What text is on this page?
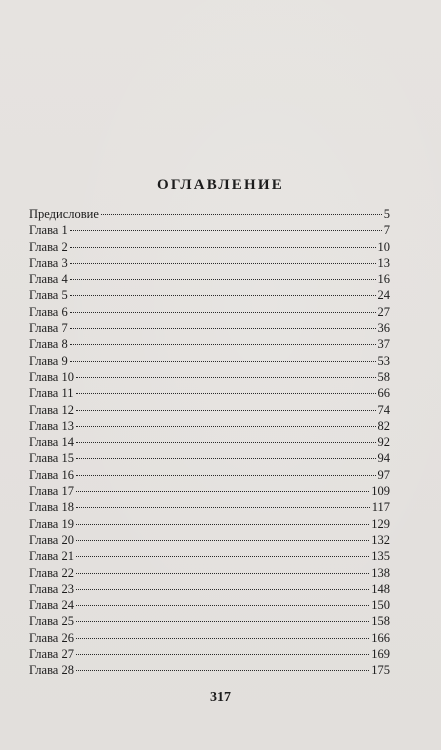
ОГЛАВЛЕНИЕ
Предисловие	5
Глава 1	7
Глава 2	10
Глава 3	13
Глава 4	16
Глава 5	24
Глава 6	27
Глава 7	36
Глава 8	37
Глава 9	53
Глава 10	58
Глава 11	66
Глава 12	74
Глава 13	82
Глава 14	92
Глава 15	94
Глава 16	97
Глава 17	109
Глава 18	117
Глава 19	129
Глава 20	132
Глава 21	135
Глава 22	138
Глава 23	148
Глава 24	150
Глава 25	158
Глава 26	166
Глава 27	169
Глава 28	175
317
